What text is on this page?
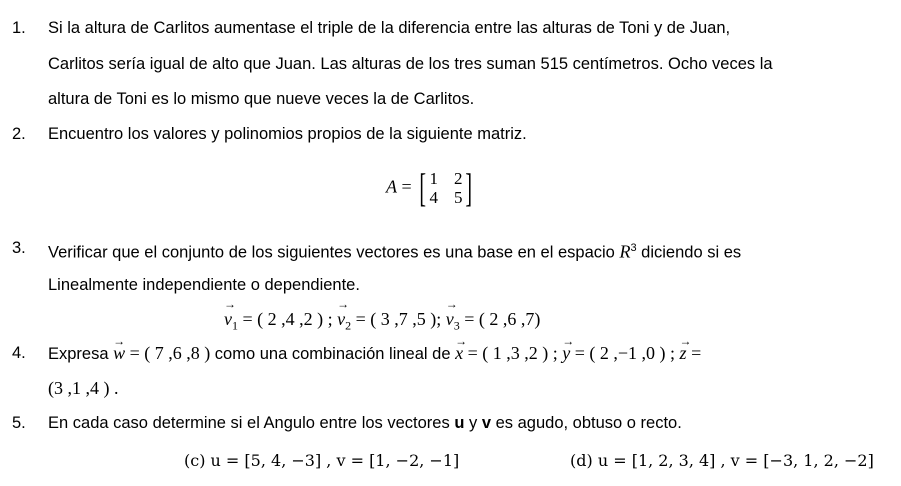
1.	Si la altura de Carlitos aumentase el triple de la diferencia entre las alturas de Toni y de Juan,
Carlitos sería igual de alto que Juan. Las alturas de los tres suman 515 centímetros. Ocho veces la
altura de Toni es lo mismo que nueve veces la de Carlitos.
2.	Encuentro los valores y polinomios propios de la siguiente matriz.
A = [ 1 2
4 5 ]
3.	Verificar que el conjunto de los siguientes vectores es una base en el espacio $R^3$ diciendo si es
Linealmente independiente o dependiente.
→ $v_1$ = ( 2 ,4 ,2 ) ; → $v_2$ = ( 3 ,7 ,5 ); → $v_3$ = ( 2 ,6 ,7)
4.	Expresa → w = ( 7 ,6 ,8 ) como una combinación lineal de → x = ( 1 ,3 ,2 ) ; → y = ( 2 ,−1 ,0 ) ; → z =
(3 ,1 ,4 ) .
5.	En cada caso determine si el Angulo entre los vectores u y v es agudo, obtuso o recto.
(c) u = [5, 4, −3] , v = [1, −2, −1]	(d) u = [1, 2, 3, 4] , v = [−3, 1, 2, −2]
